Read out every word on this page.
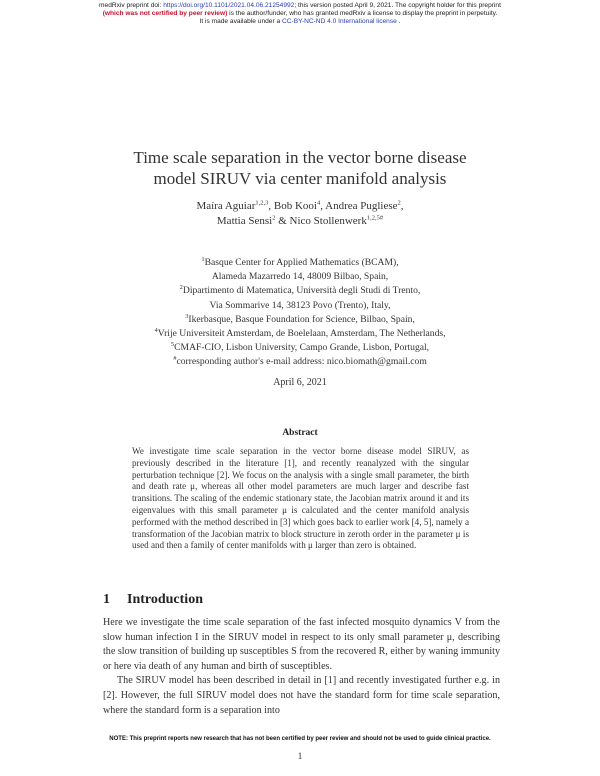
medRxiv preprint doi: https://doi.org/10.1101/2021.04.06.21254992; this version posted April 9, 2021. The copyright holder for this preprint
(which was not certified by peer review) is the author/funder, who has granted medRxiv a license to display the preprint in perpetuity.
It is made available under a CC-BY-NC-ND 4.0 International license .
Time scale separation in the vector borne disease
model SIRUV via center manifold analysis
Maíra Aguiar$^{1,2,3}$, Bob Kooi$^4$, Andrea Pugliese$^2$,
Mattia Sensi$^2$ & Nico Stollenwerk$^{1,2,5\#}$
$^1$Basque Center for Applied Mathematics (BCAM),
Alameda Mazarredo 14, 48009 Bilbao, Spain,
$^2$Dipartimento di Matematica, Università degli Studi di Trento,
Via Sommarive 14, 38123 Povo (Trento), Italy,
$^3$Ikerbasque, Basque Foundation for Science, Bilbao, Spain,
$^4$Vrije Universiteit Amsterdam, de Boelelaan, Amsterdam, The Netherlands,
$^5$CMAF-CIO, Lisbon University, Campo Grande, Lisbon, Portugal,
#corresponding author's e-mail address: nico.biomath@gmail.com
April 6, 2021
Abstract
We investigate time scale separation in the vector borne disease model SIRUV, as previously described in the literature [1], and recently reanalyzed with the singular perturbation technique [2]. We focus on the analysis with a single small parameter, the birth and death rate μ, whereas all other model parameters are much larger and describe fast transitions. The scaling of the endemic stationary state, the Jacobian matrix around it and its eigenvalues with this small parameter μ is calculated and the center manifold analysis performed with the method described in [3] which goes back to earlier work [4, 5], namely a transformation of the Jacobian matrix to block structure in zeroth order in the parameter μ is used and then a family of center manifolds with μ larger than zero is obtained.
1 Introduction

Here we investigate the time scale separation of the fast infected mosquito dynamics V from the slow human infection I in the SIRUV model in respect to its only small parameter μ, describing the slow transition of building up susceptibles S from the recovered R, either by waning immunity or here via death of any human and birth of susceptibles.

The SIRUV model has been described in detail in [1] and recently investigated further e.g. in [2]. However, the full SIRUV model does not have the standard form for time scale separation, where the standard form is a separation into

NOTE: This preprint reports new research that has not been certified by peer review and should not be used to guide clinical practice.
1
